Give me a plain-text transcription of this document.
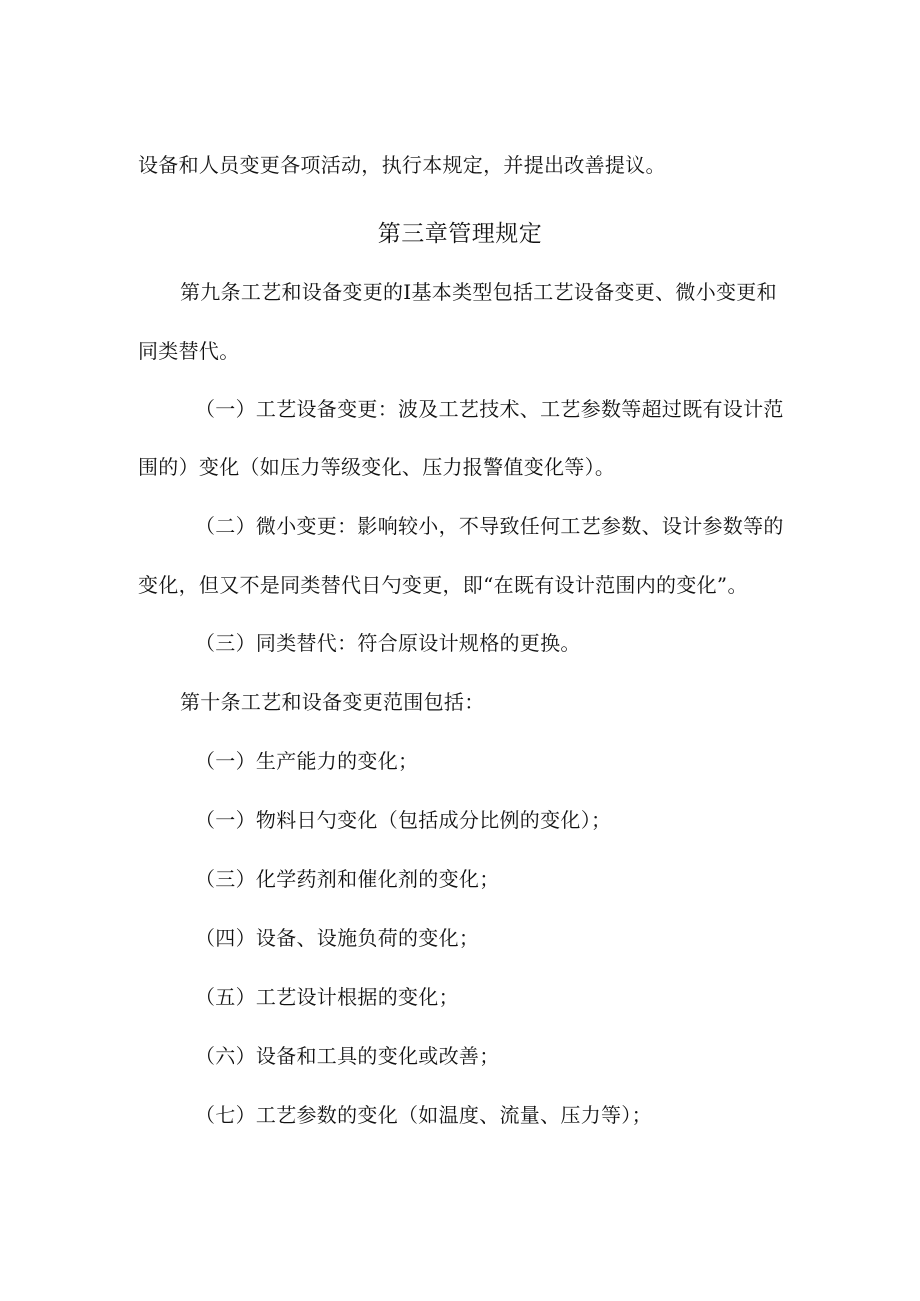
设备和人员变更各项活动，执行本规定，并提出改善提议。
第三章管理规定
第九条工艺和设备变更的I基本类型包括工艺设备变更、微小变更和
同类替代。
（一）工艺设备变更：波及工艺技术、工艺参数等超过既有设计范
围的）变化（如压力等级变化、压力报警值变化等）。
（二）微小变更：影响较小，不导致任何工艺参数、设计参数等的
变化，但又不是同类替代日勺变更，即“在既有设计范围内的变化”。
（三）同类替代：符合原设计规格的更换。
第十条工艺和设备变更范围包括：
（一）生产能力的变化；
（一）物料日勺变化（包括成分比例的变化）；
（三）化学药剂和催化剂的变化；
（四）设备、设施负荷的变化；
（五）工艺设计根据的变化；
（六）设备和工具的变化或改善；
（七）工艺参数的变化（如温度、流量、压力等）；
